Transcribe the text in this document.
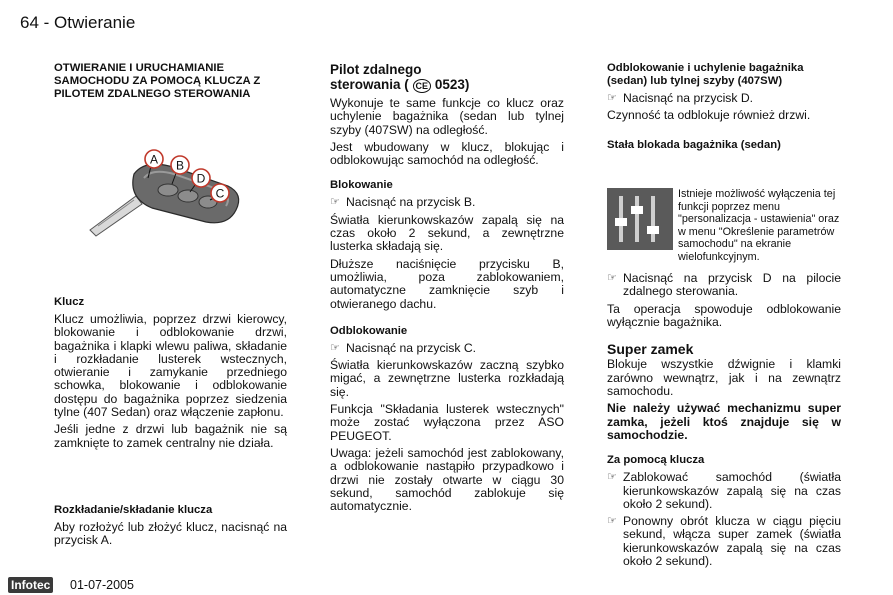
64 - Otwieranie
OTWIERANIE I URUCHAMIANIE SAMOCHODU ZA POMOCĄ KLUCZA Z PILOTEM ZDALNEGO STEROWANIA
A B
D
C
Klucz

Klucz umożliwia, poprzez drzwi kierowcy, blokowanie i odblokowanie drzwi, bagażnika i klapki wlewu paliwa, składanie i rozkładanie lusterek wstecznych, otwieranie i zamykanie przedniego schowka, blokowanie i odblokowanie dostępu do bagażnika poprzez siedzenia tylne (407 Sedan) oraz włączenie zapłonu.

Jeśli jedne z drzwi lub bagażnik nie są zamknięte to zamek centralny nie działa.

Rozkładanie/składanie klucza

Aby rozłożyć lub złożyć klucz, nacisnąć na przycisk A.

Pilot zdalnego
sterowania ( CE 0523)

Wykonuje te same funkcje co klucz oraz uchylenie bagażnika (sedan lub tylnej szyby (407SW) na odległość.

Jest wbudowany w klucz, blokując i odblokowując samochód na odległość.

Blokowanie
☞ Nacisnąć na przycisk B.

Światła kierunkowskazów zapalą się na czas około 2 sekund, a zewnętrzne lusterka składają się.

Dłuższe naciśnięcie przycisku B, umożliwia, poza zablokowaniem, automatyczne zamknięcie szyb i otwieranego dachu.

Odblokowanie
☞ Nacisnąć na przycisk C.

Światła kierunkowskazów zaczną szybko migać, a zewnętrzne lusterka rozkładają się.

Funkcja "Składania lusterek wstecznych" może zostać wyłączona przez ASO PEUGEOT.

Uwaga: jeżeli samochód jest zablokowany, a odblokowanie nastąpiło przypadkowo i drzwi nie zostały otwarte w ciągu 30 sekund, samochód zablokuje się automatycznie.

Odblokowanie i uchylenie bagażnika (sedan) lub tylnej szyby (407SW)
☞ Nacisnąć na przycisk D.

Czynność ta odblokuje również drzwi.

Stała blokada bagażnika (sedan)
Istnieje możliwość wyłączenia tej funkcji poprzez menu "personalizacja - ustawienia" oraz w menu "Określenie parametrów samochodu" na ekranie wielofunkcyjnym.
☞ Nacisnąć na przycisk D na pilocie zdalnego sterowania.

Ta operacja spowoduje odblokowanie wyłącznie bagażnika.

Super zamek

Blokuje wszystkie dźwignie i klamki zarówno wewnątrz, jak i na zewnątrz samochodu.

Nie należy używać mechanizmu super zamka, jeżeli ktoś znajduje się w samochodzie.

Za pomocą klucza
☞ Zablokować samochód (światła kierunkowskazów zapalą się na czas około 2 sekund).
☞ Ponowny obrót klucza w ciągu pięciu sekund, włącza super zamek (światła kierunkowskazów zapalą się na czas około 2 sekund).
Infotec 01-07-2005
